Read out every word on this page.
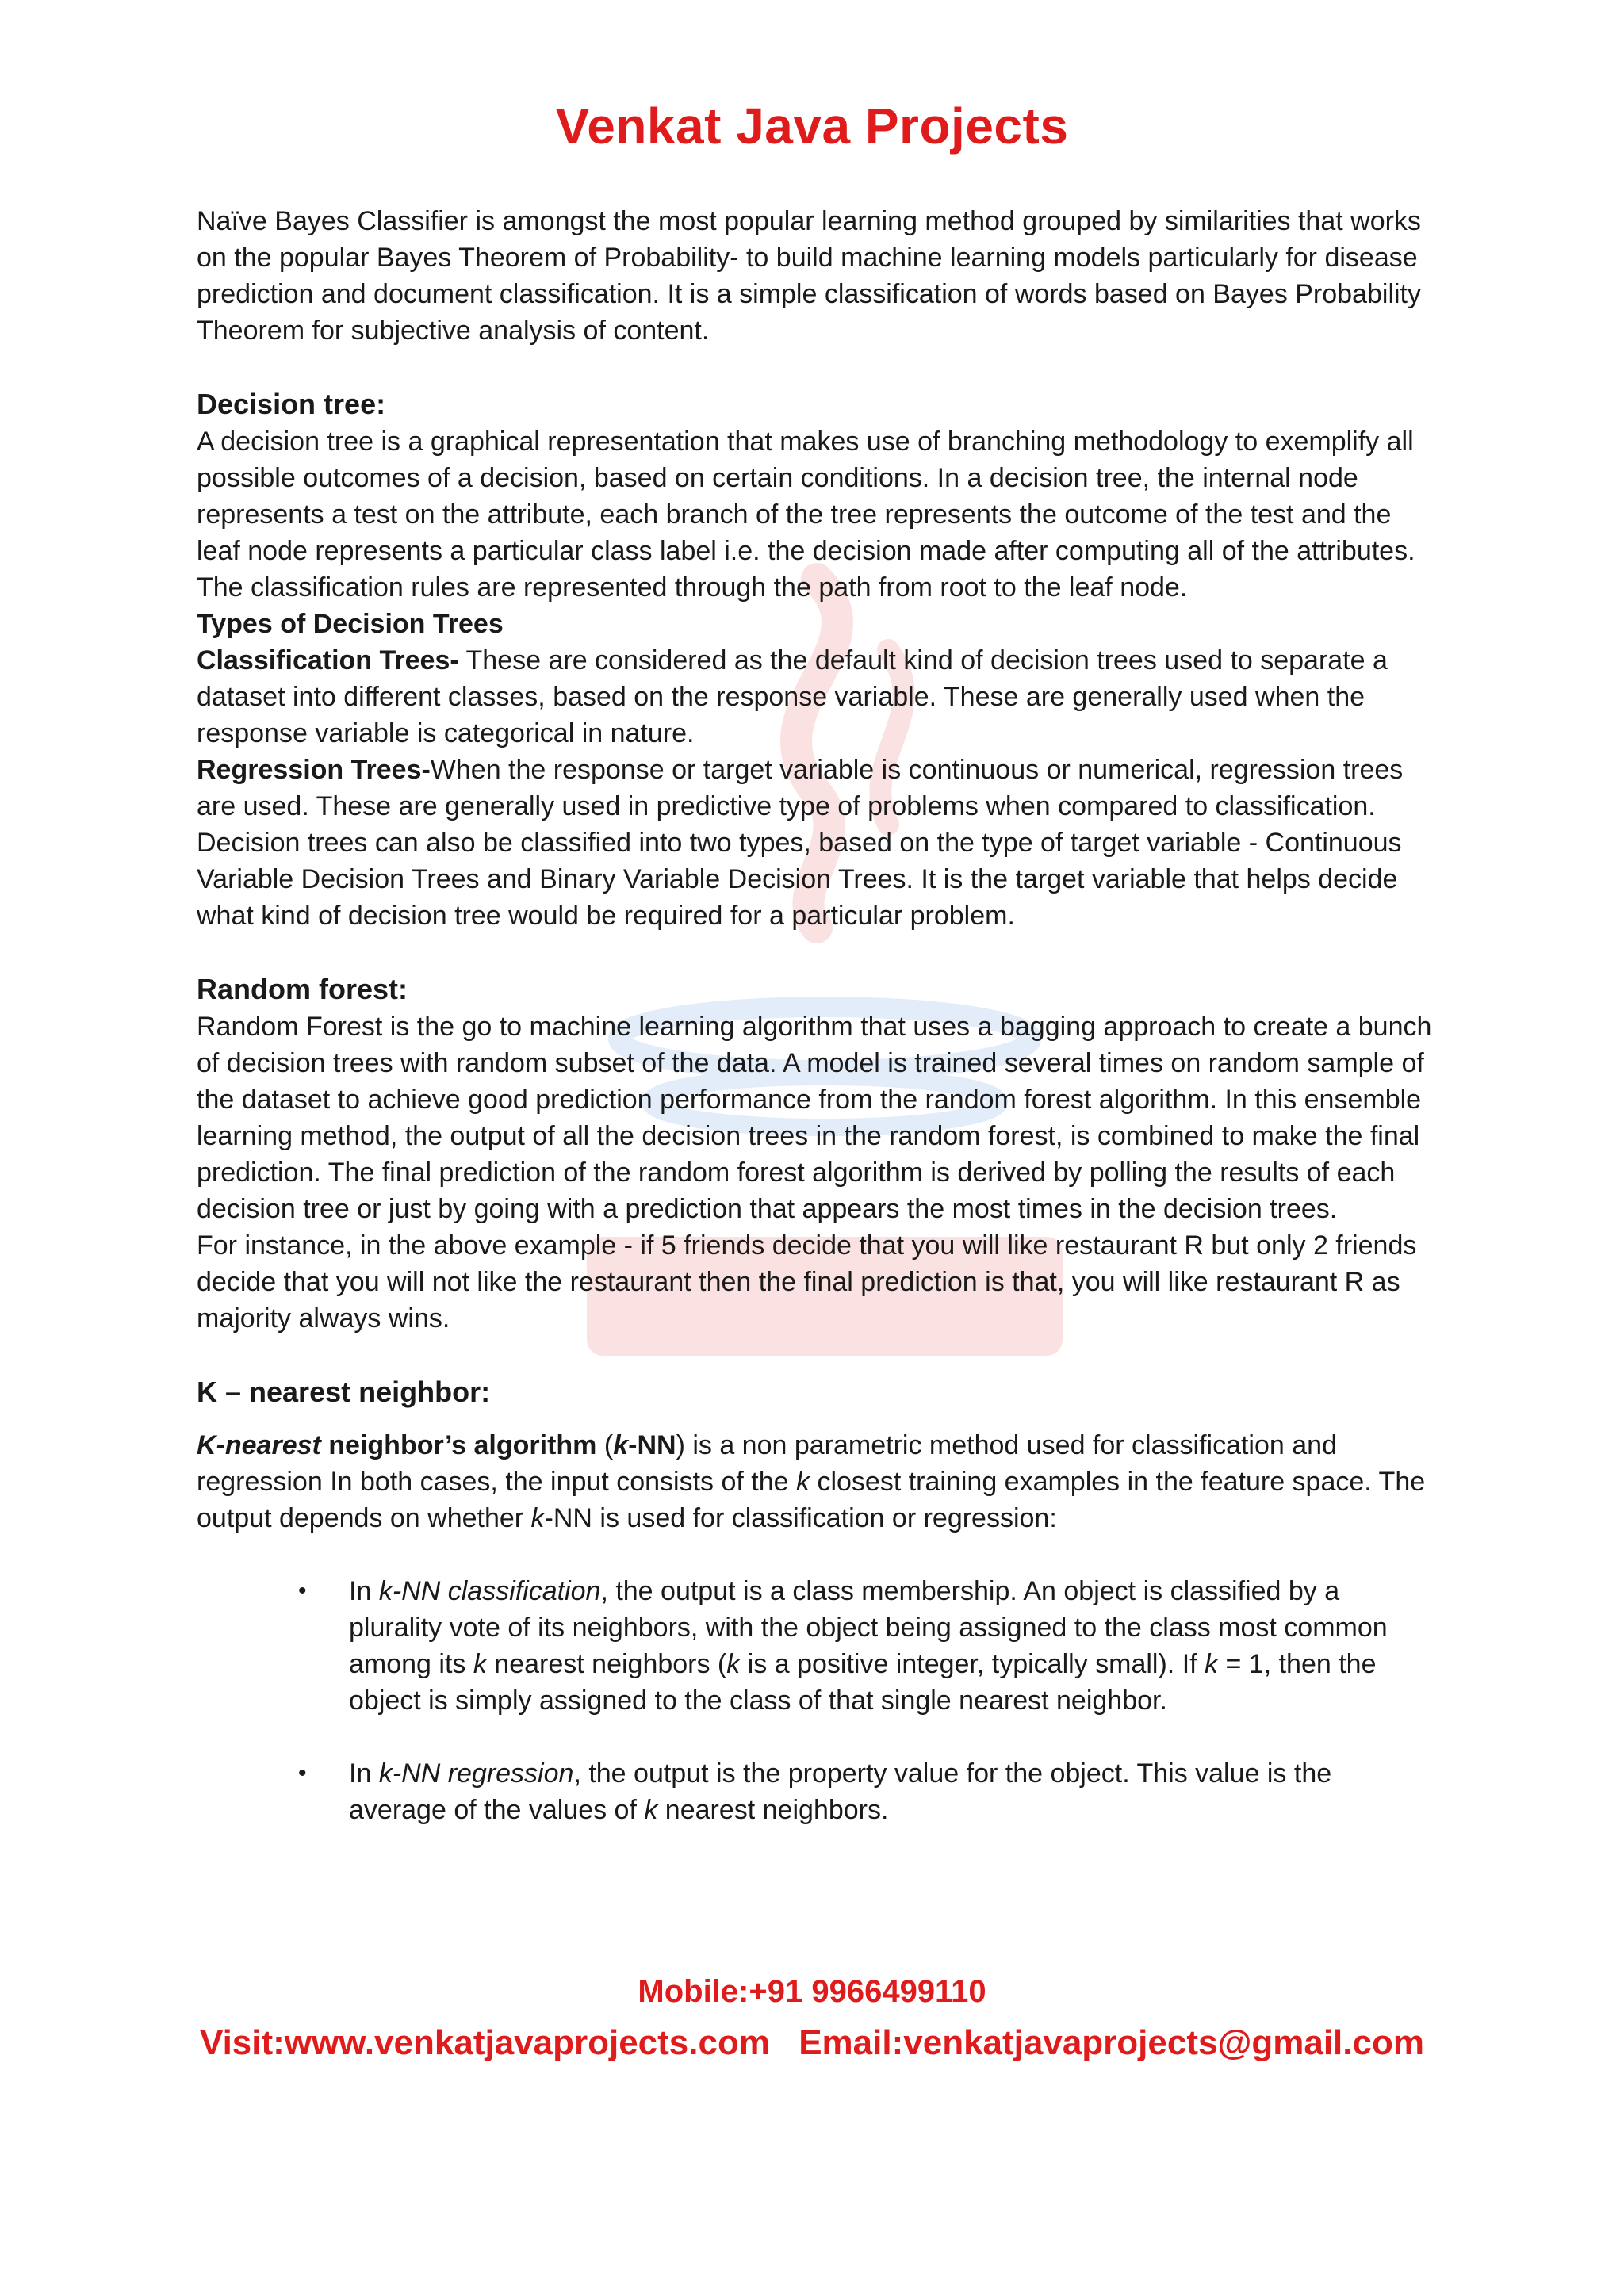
Venkat Java Projects

Naïve Bayes Classifier is amongst the most popular learning method grouped by similarities that works on the popular Bayes Theorem of Probability- to build machine learning models particularly for disease prediction and document classification. It is a simple classification of words based on Bayes Probability Theorem for subjective analysis of content.

Decision tree:

A decision tree is a graphical representation that makes use of branching methodology to exemplify all possible outcomes of a decision, based on certain conditions. In a decision tree, the internal node represents a test on the attribute, each branch of the tree represents the outcome of the test and the leaf node represents a particular class label i.e. the decision made after computing all of the attributes.

The classification rules are represented through the path from root to the leaf node.

Types of Decision Trees

Classification Trees- These are considered as the default kind of decision trees used to separate a dataset into different classes, based on the response variable. These are generally used when the response variable is categorical in nature.

Regression Trees-When the response or target variable is continuous or numerical, regression trees are used. These are generally used in predictive type of problems when compared to classification.

Decision trees can also be classified into two types, based on the type of target variable - Continuous Variable Decision Trees and Binary Variable Decision Trees. It is the target variable that helps decide what kind of decision tree would be required for a particular problem.

Random forest:

Random Forest is the go to machine learning algorithm that uses a bagging approach to create a bunch of decision trees with random subset of the data. A model is trained several times on random sample of the dataset to achieve good prediction performance from the random forest algorithm. In this ensemble learning method, the output of all the decision trees in the random forest, is combined to make the final prediction. The final prediction of the random forest algorithm is derived by polling the results of each decision tree or just by going with a prediction that appears the most times in the decision trees.

For instance, in the above example - if 5 friends decide that you will like restaurant R but only 2 friends decide that you will not like the restaurant then the final prediction is that, you will like restaurant R as majority always wins.

K – nearest neighbor:

K-nearest neighbor’s algorithm (k-NN) is a non parametric method used for classification and regression In both cases, the input consists of the k closest training examples in the feature space. The output depends on whether k-NN is used for classification or regression:

• In k-NN classification, the output is a class membership. An object is classified by a plurality vote of its neighbors, with the object being assigned to the class most common among its k nearest neighbors (k is a positive integer, typically small). If k = 1, then the object is simply assigned to the class of that single nearest neighbor.
• In k-NN regression, the output is the property value for the object. This value is the average of the values of k nearest neighbors.
Mobile:+91 9966499110
Visit:www.venkatjavaprojects.com Email:venkatjavaprojects@gmail.com
